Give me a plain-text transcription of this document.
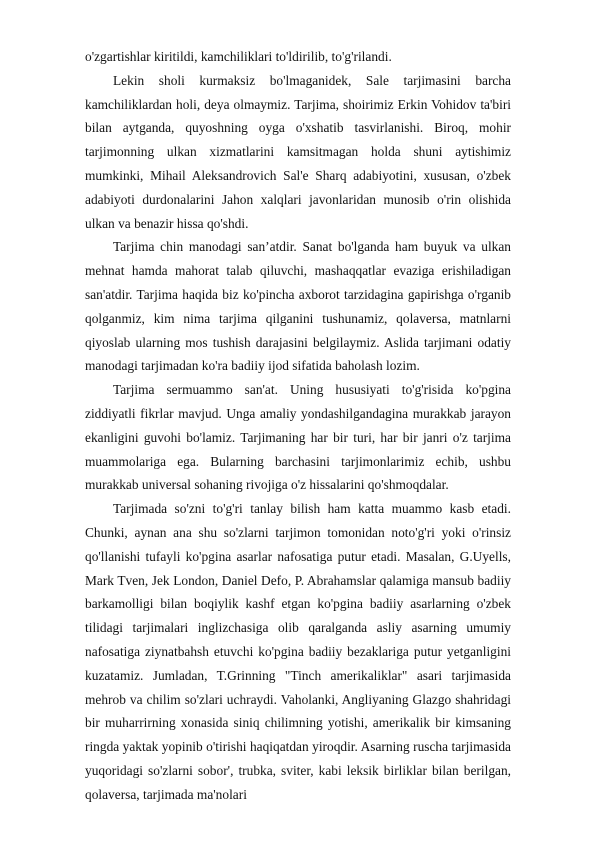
o'zgartishlar kiritildi, kamchiliklari to'ldirilib, to'g'rilandi.

Lekin sholi kurmaksiz bo'lmaganidek, Sale tarjimasini barcha kamchiliklardan holi, deya olmaymiz. Tarjima, shoirimiz Erkin Vohidov ta'biri bilan aytganda, quyoshning oyga o'xshatib tasvirlanishi. Biroq, mohir tarjimonning ulkan xizmatlarini kamsitmagan holda shuni aytishimiz mumkinki, Mihail Aleksandrovich Sal'e Sharq adabiyotini, xususan, o'zbek adabiyoti durdonalarini Jahon xalqlari javonlaridan munosib o'rin olishida ulkan va benazir hissa qo'shdi.

Tarjima chin manodagi san’atdir. Sanat bo'lganda ham buyuk va ulkan mehnat hamda mahorat talab qiluvchi, mashaqqatlar evaziga erishiladigan san'atdir. Tarjima haqida biz ko'pincha axborot tarzidagina gapirishga o'rganib qolganmiz, kim nima tarjima qilganini tushunamiz, qolaversa, matnlarni qiyoslab ularning mos tushish darajasini belgilaymiz. Aslida tarjimani odatiy manodagi tarjimadan ko'ra badiiy ijod sifatida baholash lozim.

Tarjima sermuammo san'at. Uning hususiyati to'g'risida ko'pgina ziddiyatli fikrlar mavjud. Unga amaliy yondashilgandagina murakkab jarayon ekanligini guvohi bo'lamiz. Tarjimaning har bir turi, har bir janri o'z tarjima muammolariga ega. Bularning barchasini tarjimonlarimiz echib, ushbu murakkab universal sohaning rivojiga o'z hissalarini qo'shmoqdalar.

Tarjimada so'zni to'g'ri tanlay bilish ham katta muammo kasb etadi. Chunki, aynan ana shu so'zlarni tarjimon tomonidan noto'g'ri yoki o'rinsiz qo'llanishi tufayli ko'pgina asarlar nafosatiga putur etadi. Masalan, G.Uyells, Mark Tven, Jek London, Daniel Defo, P. Abrahamslar qalamiga mansub badiiy barkamolligi bilan boqiylik kashf etgan ko'pgina badiiy asarlarning o'zbek tilidagi tarjimalari inglizchasiga olib qaralganda asliy asarning umumiy nafosatiga ziynatbahsh etuvchi ko'pgina badiiy bezaklariga putur yetganligini kuzatamiz. Jumladan, T.Grinning "Tinch amerikaliklar" asari tarjimasida mehrob va chilim so'zlari uchraydi. Vaholanki, Angliyaning Glazgo shahridagi bir muharrirning xonasida siniq chilimning yotishi, amerikalik bir kimsaning ringda yaktak yopinib o'tirishi haqiqatdan yiroqdir. Asarning ruscha tarjimasida yuqoridagi so'zlarni sobor', trubka, sviter, kabi leksik birliklar bilan berilgan, qolaversa, tarjimada ma'nolari
